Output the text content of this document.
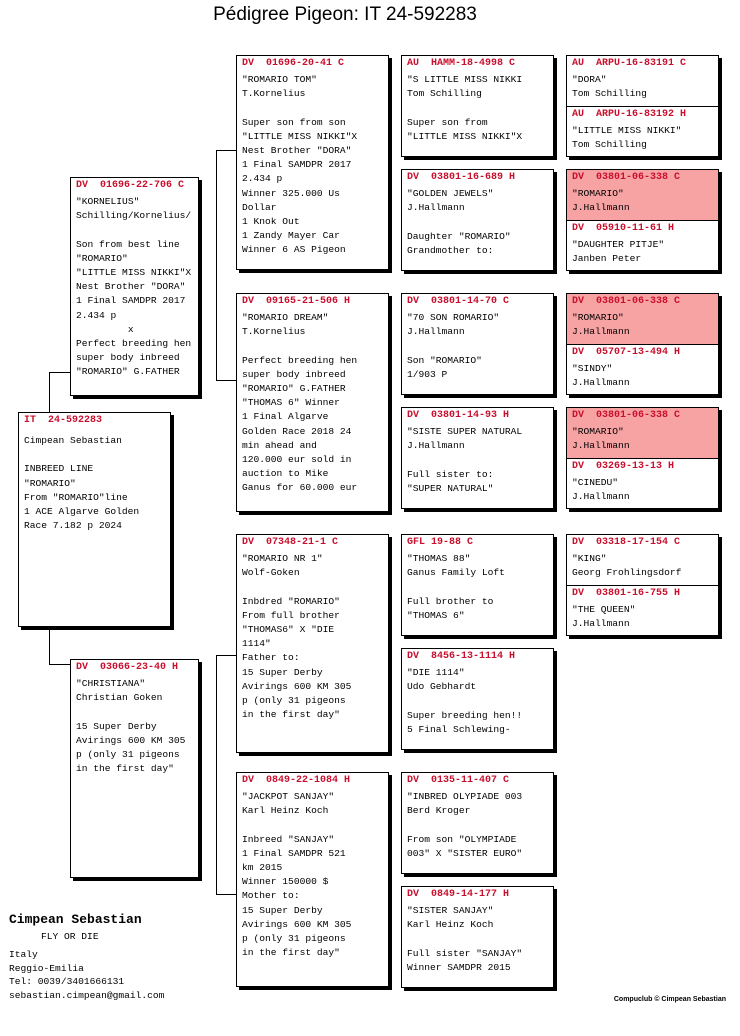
Pédigree Pigeon: IT 24-592283
IT  24-592283
Cimpean Sebastian

INBREED LINE
"ROMARIO"
From "ROMARIO"line
1 ACE Algarve Golden
Race 7.182 p 2024
DV  01696-22-706 C
"KORNELIUS"
Schilling/Kornelius/

Son from best line
"ROMARIO"
"LITTLE MISS NIKKI"X
Nest Brother "DORA"
1 Final SAMDPR 2017
2.434 p
x
Perfect breeding hen
super body inbreed
"ROMARIO" G.FATHER
DV  03066-23-40 H
"CHRISTIANA"
Christian Goken

15 Super Derby
Avirings 600 KM 305
p (only 31 pigeons
in the first day"
DV  01696-20-41 C
"ROMARIO TOM"
T.Kornelius

Super son from son
"LITTLE MISS NIKKI"X
Nest Brother "DORA"
1 Final SAMDPR 2017
2.434 p
Winner 325.000 Us
Dollar
1 Knok Out
1 Zandy Mayer Car
Winner 6 AS Pigeon
DV  09165-21-506 H
"ROMARIO DREAM"
T.Kornelius

Perfect breeding hen
super body inbreed
"ROMARIO" G.FATHER
"THOMAS 6" Winner
1 Final Algarve
Golden Race 2018 24
min ahead and
120.000 eur sold in
auction to Mike
Ganus for 60.000 eur
DV  07348-21-1 C
"ROMARIO NR 1"
Wolf-Goken

Inbdred "ROMARIO"
From full brother
"THOMAS6" X "DIE
1114"
Father to:
15 Super Derby
Avirings 600 KM 305
p (only 31 pigeons
in the first day"
DV  0849-22-1084 H
"JACKPOT SANJAY"
Karl Heinz Koch

Inbreed "SANJAY"
1 Final SAMDPR 521
km 2015
Winner 150000 $
Mother to:
15 Super Derby
Avirings 600 KM 305
p (only 31 pigeons
in the first day"
AU  HAMM-18-4998 C
"S LITTLE MISS NIKKI
Tom Schilling

Super son from
"LITTLE MISS NIKKI"X
DV  03801-16-689 H
"GOLDEN JEWELS"
J.Hallmann

Daughter "ROMARIO"
Grandmother to:
DV  03801-14-70 C
"70 SON ROMARIO"
J.Hallmann

Son "ROMARIO"
1/903 P
DV  03801-14-93 H
"SISTE SUPER NATURAL
J.Hallmann

Full sister to:
"SUPER NATURAL"
GFL 19-88 C
"THOMAS 88"
Ganus Family Loft

Full brother to
"THOMAS 6"
DV  8456-13-1114 H
"DIE 1114"
Udo Gebhardt

Super breeding hen!!
5 Final Schlewing-
DV  0135-11-407 C
"INBRED OLYPIADE 003
Berd Kroger

From son "OLYMPIADE
003" X "SISTER EURO"
DV  0849-14-177 H
"SISTER SANJAY"
Karl Heinz Koch

Full sister "SANJAY"
Winner SAMDPR 2015
AU  ARPU-16-83191 C
"DORA"
Tom Schilling
AU  ARPU-16-83192 H
"LITTLE MISS NIKKI"
Tom Schilling
DV  03801-06-338 C
"ROMARIO"
J.Hallmann
DV  05910-11-61 H
"DAUGHTER PITJE"
Janben Peter
DV  03801-06-338 C
"ROMARIO"
J.Hallmann
DV  05707-13-494 H
"SINDY"
J.Hallmann
DV  03801-06-338 C
"ROMARIO"
J.Hallmann
DV  03269-13-13 H
"CINEDU"
J.Hallmann
DV  03318-17-154 C
"KING"
Georg Frohlingsdorf
DV  03801-16-755 H
"THE QUEEN"
J.Hallmann
Cimpean Sebastian
FLY OR DIE
Italy
Reggio-Emilia
Tel: 0039/3401666131
sebastian.cimpean@gmail.com	Compuclub © Cimpean Sebastian
